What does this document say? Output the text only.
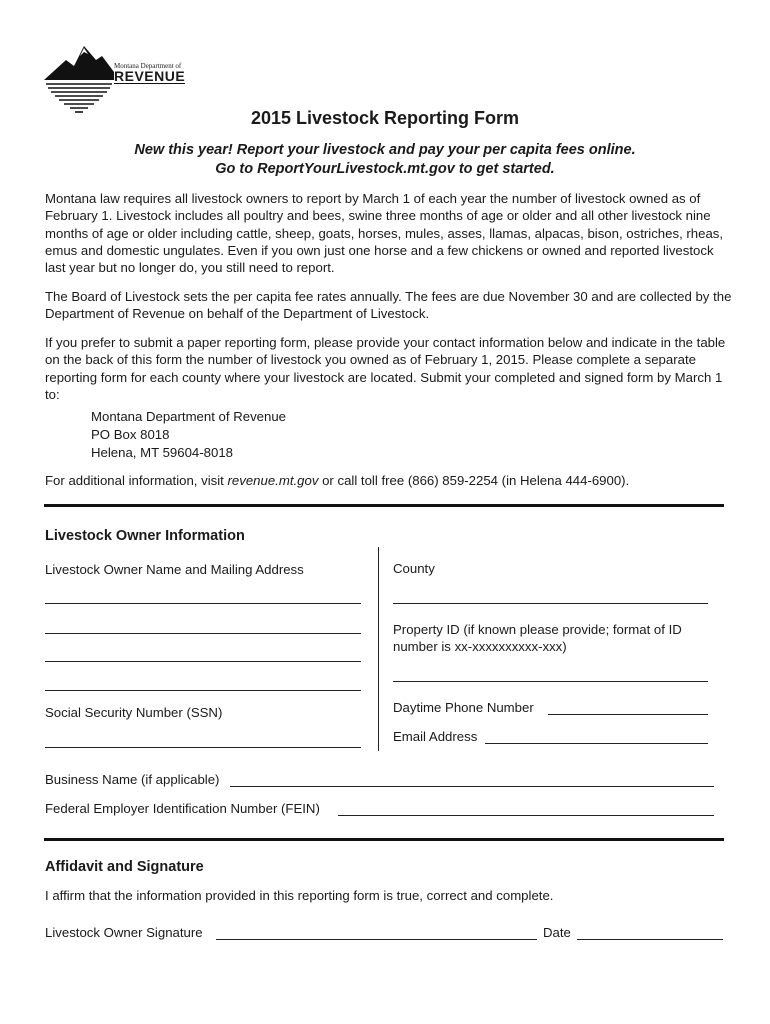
Montana Department of
REVENUE
2015 Livestock Reporting Form
New this year! Report your livestock and pay your per capita fees online.
Go to ReportYourLivestock.mt.gov to get started.

Montana law requires all livestock owners to report by March 1 of each year the number of livestock owned as of February 1. Livestock includes all poultry and bees, swine three months of age or older and all other livestock nine months of age or older including cattle, sheep, goats, horses, mules, asses, llamas, alpacas, bison, ostriches, rheas, emus and domestic ungulates. Even if you own just one horse and a few chickens or owned and reported livestock last year but no longer do, you still need to report.

The Board of Livestock sets the per capita fee rates annually. The fees are due November 30 and are collected by the Department of Revenue on behalf of the Department of Livestock.

If you prefer to submit a paper reporting form, please provide your contact information below and indicate in the table on the back of this form the number of livestock you owned as of February 1, 2015. Please complete a separate reporting form for each county where your livestock are located. Submit your completed and signed form by March 1 to:

Montana Department of Revenue
PO Box 8018
Helena, MT 59604-8018
For additional information, visit revenue.mt.gov or call toll free (866) 859-2254 (in Helena 444-6900).
Livestock Owner Information
Livestock Owner Name and Mailing Address
Social Security Number (SSN)
County
Property ID (if known please provide; format of ID
number is xx-xxxxxxxxxx-xxx)
Daytime Phone Number
Email Address
Business Name (if applicable)
Federal Employer Identification Number (FEIN)
Affidavit and Signature
I affirm that the information provided in this reporting form is true, correct and complete.
Livestock Owner Signature	Date
